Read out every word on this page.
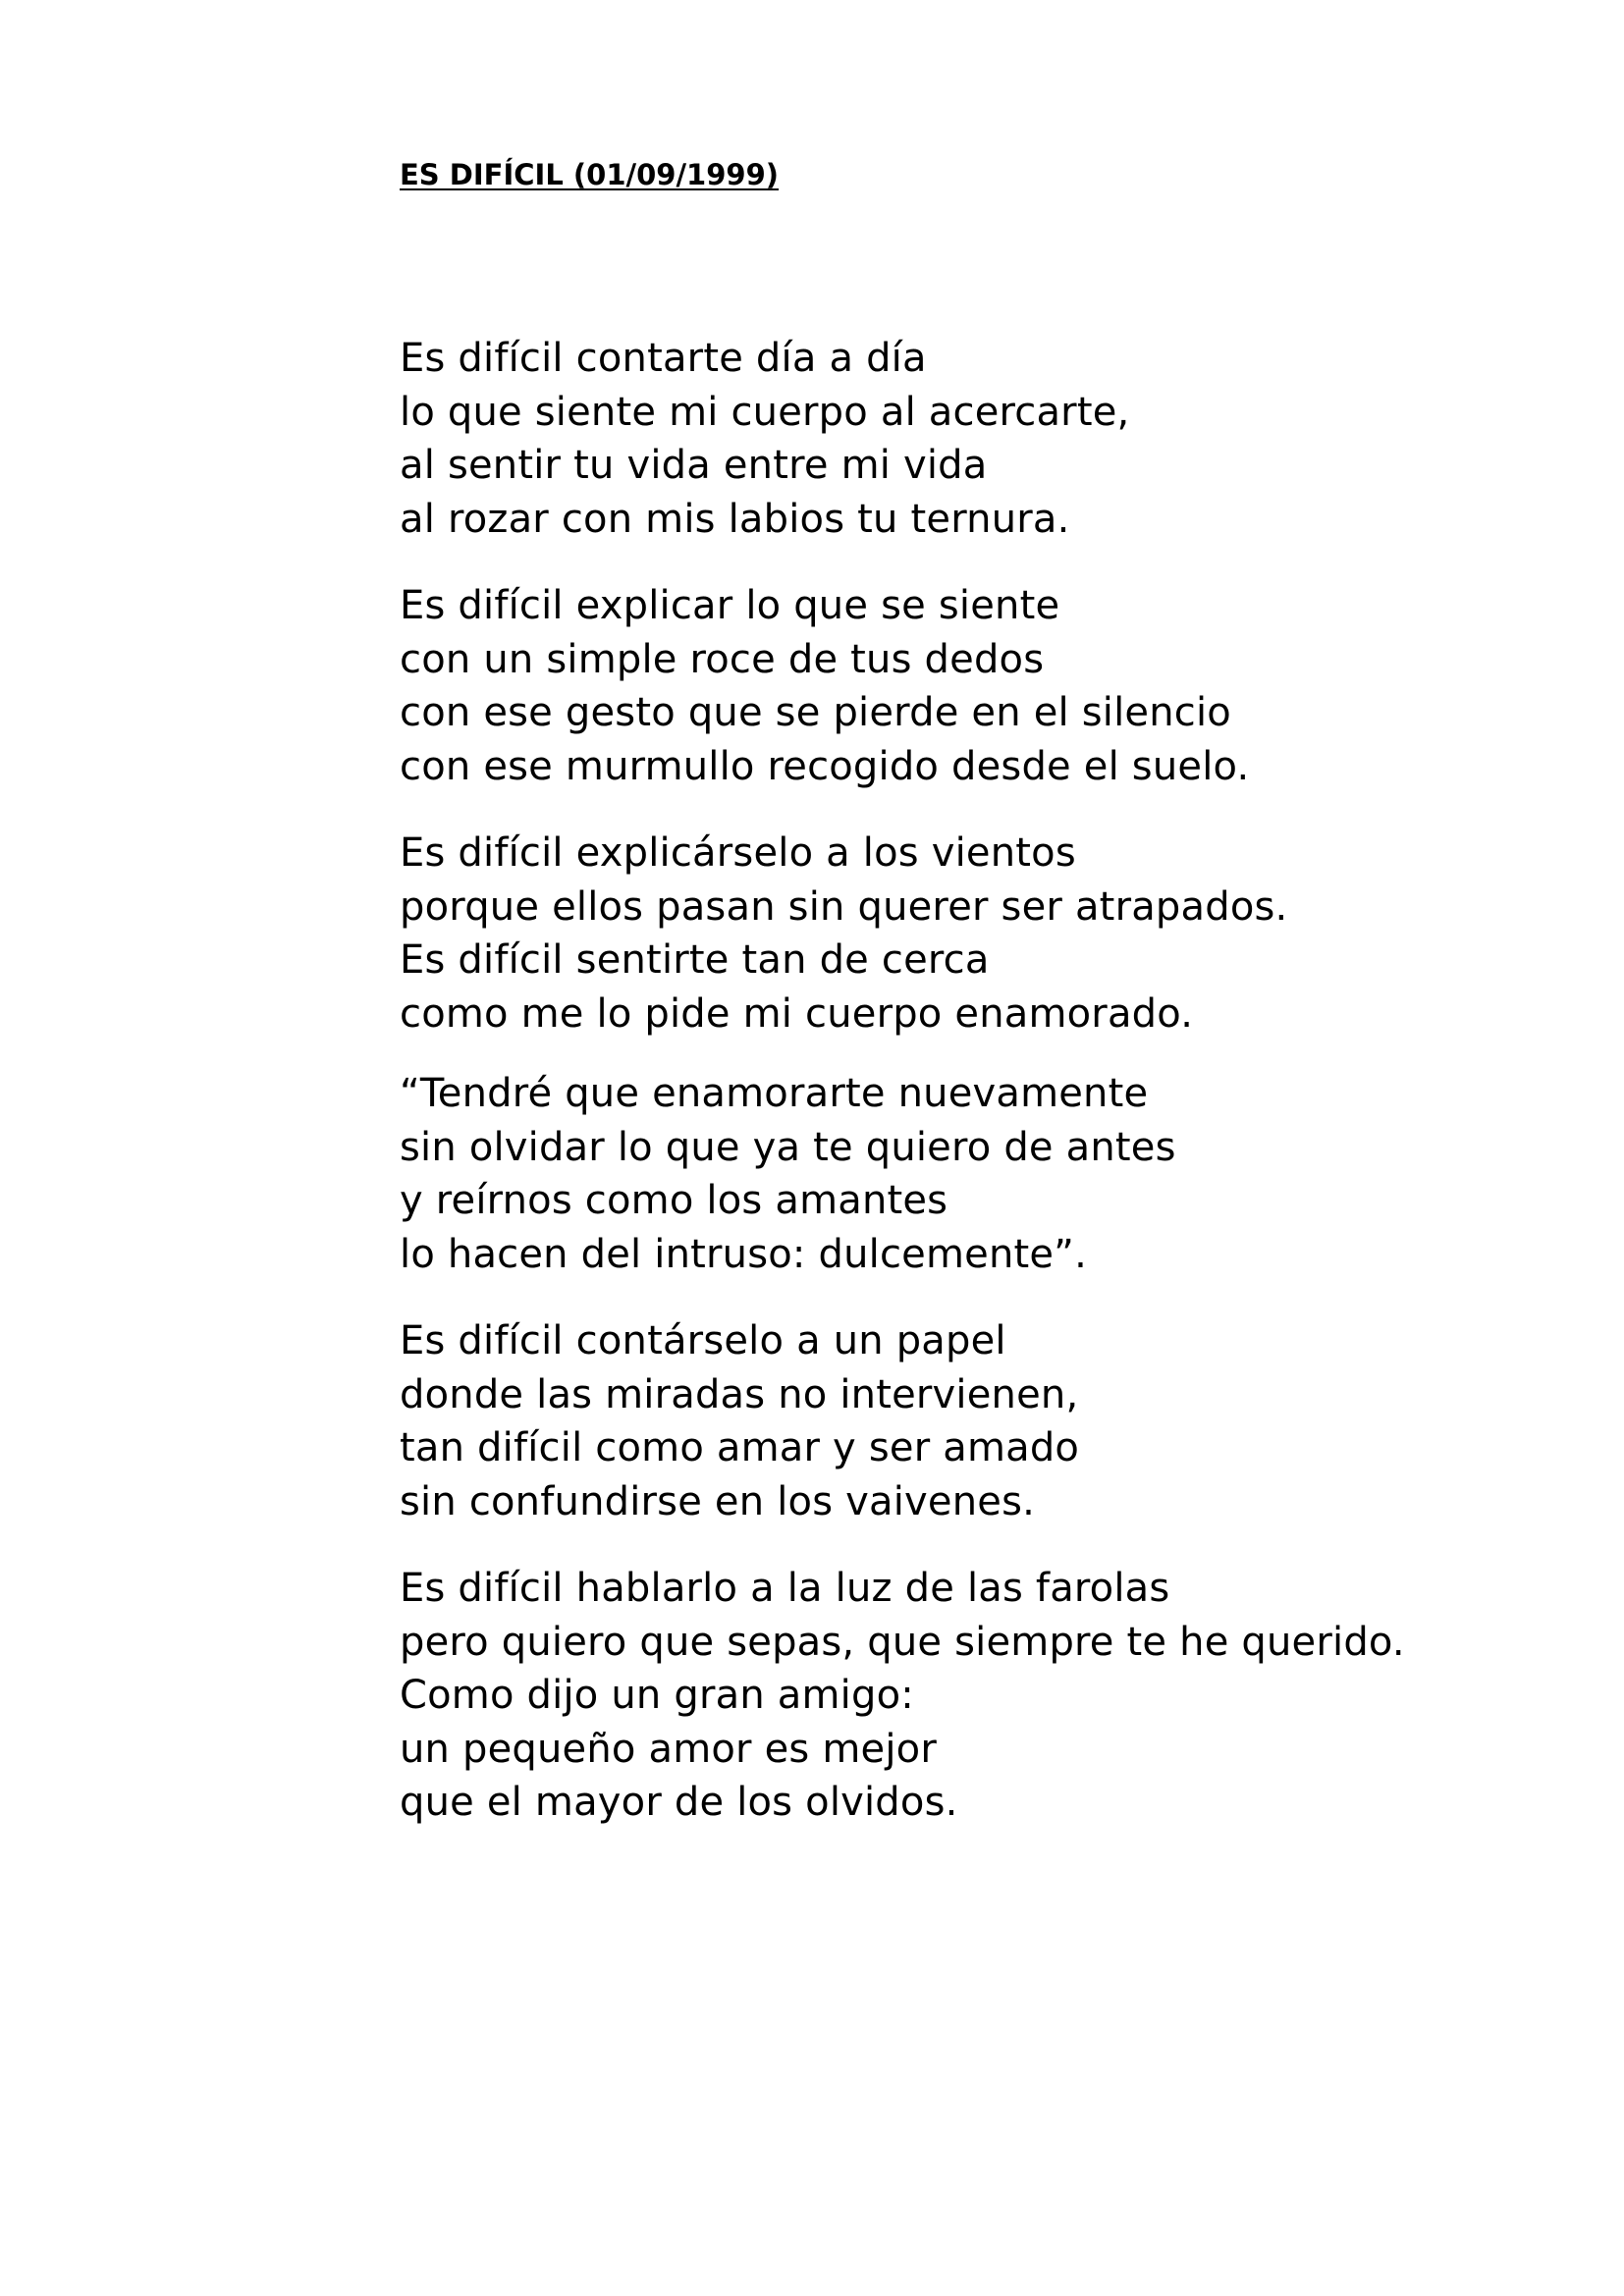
ES DIFÍCIL (01/09/1999)
Es difícil contarte día a día
lo que siente mi cuerpo al acercarte,
al sentir tu vida entre mi vida
al rozar con mis labios tu ternura.
Es difícil explicar lo que se siente
con un simple roce de tus dedos
con ese gesto que se pierde en el silencio
con ese murmullo recogido desde el suelo.
Es difícil explicárselo a los vientos
porque ellos pasan sin querer ser atrapados.
Es difícil sentirte tan de cerca
como me lo pide mi cuerpo enamorado.
“Tendré que enamorarte nuevamente
sin olvidar lo que ya te quiero de antes
y reírnos como los amantes
lo hacen del intruso: dulcemente”.
Es difícil contárselo a un papel
donde las miradas no intervienen,
tan difícil como amar y ser amado
sin confundirse en los vaivenes.
Es difícil hablarlo a la luz de las farolas
pero quiero que sepas, que siempre te he querido.
Como dijo un gran amigo:
un pequeño amor es mejor
que el mayor de los olvidos.
